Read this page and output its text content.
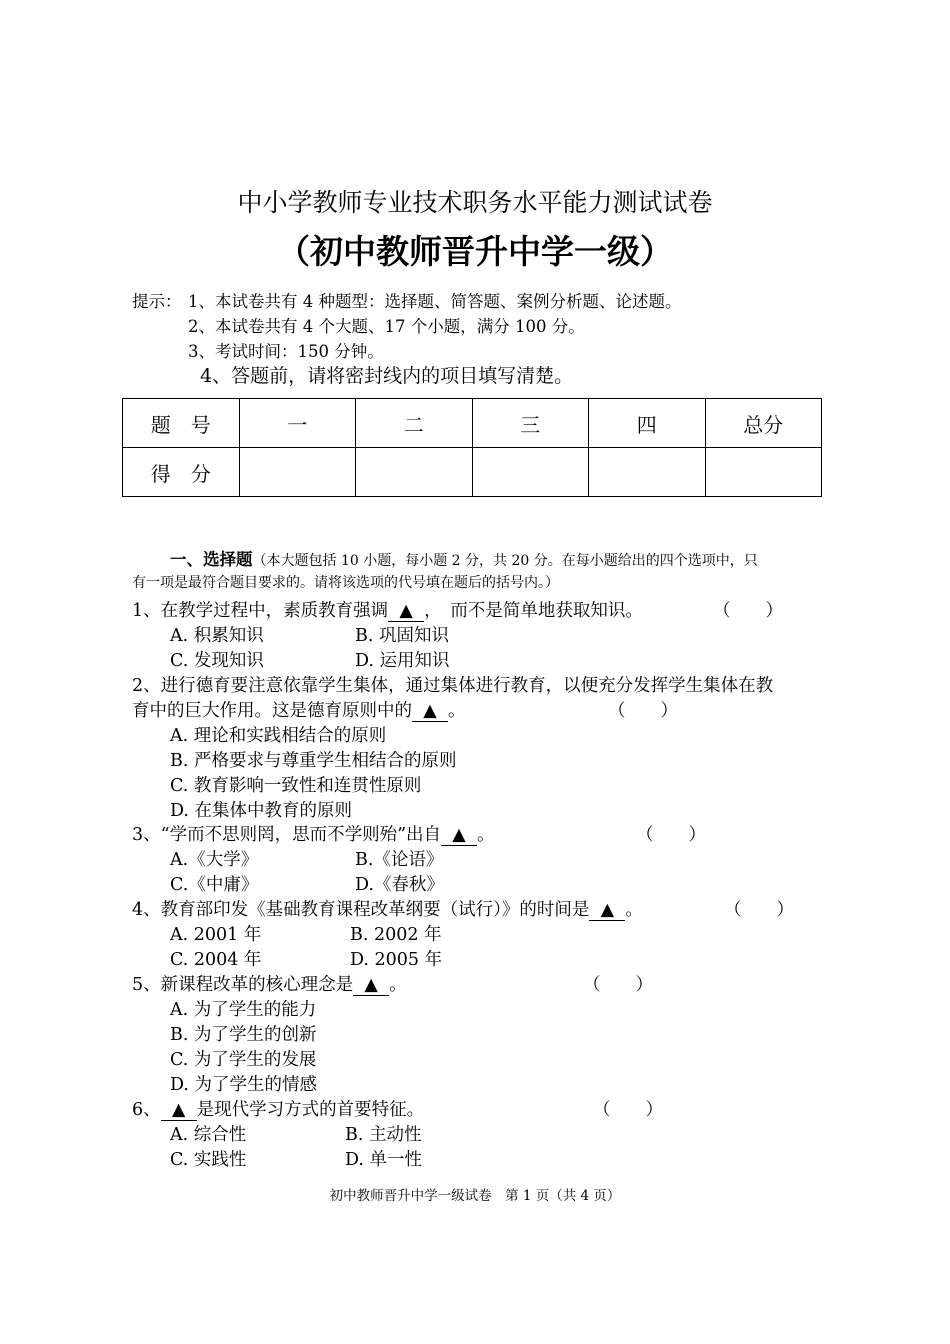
中小学教师专业技术职务水平能力测试试卷
（初中教师晋升中学一级）
提示： 1、本试卷共有 4 种题型：选择题、简答题、案例分析题、论述题。
2、本试卷共有 4 个大题、17 个小题，满分 100 分。
3、考试时间：150 分钟。
4、答题前，请将密封线内的项目填写清楚。
题　号	一	二	三	四	总分
得　分					
一、选择题（本大题包括 10 小题，每小题 2 分，共 20 分。在每小题给出的四个选项中，只
有一项是最符合题目要求的。请将该选项的代号填在题后的括号内。）
1、在教学过程中，素质教育强调 ▲ ，　而不是简单地获取知识。	（　　）
A. 积累知识	B. 巩固知识
C. 发现知识	D. 运用知识
2、进行德育要注意依靠学生集体，通过集体进行教育，以便充分发挥学生集体在教
育中的巨大作用。这是德育原则中的 ▲ 。	（　　）
A. 理论和实践相结合的原则
B. 严格要求与尊重学生相结合的原则
C. 教育影响一致性和连贯性原则
D. 在集体中教育的原则
3、“学而不思则罔，思而不学则殆”出自 ▲ 。	（　　）
A.《大学》	B.《论语》
C.《中庸》	D.《春秋》
4、教育部印发《基础教育课程改革纲要（试行）》的时间是 ▲ 。	（　　）
A. 2001 年	B. 2002 年
C. 2004 年	D. 2005 年
5、新课程改革的核心理念是 ▲ 。	（　　）
A. 为了学生的能力
B. 为了学生的创新
C. 为了学生的发展
D. 为了学生的情感
6、 ▲ 是现代学习方式的首要特征。	（　　）
A. 综合性	B. 主动性
C. 实践性	D. 单一性
初中教师晋升中学一级试卷　第 1 页（共 4 页）
